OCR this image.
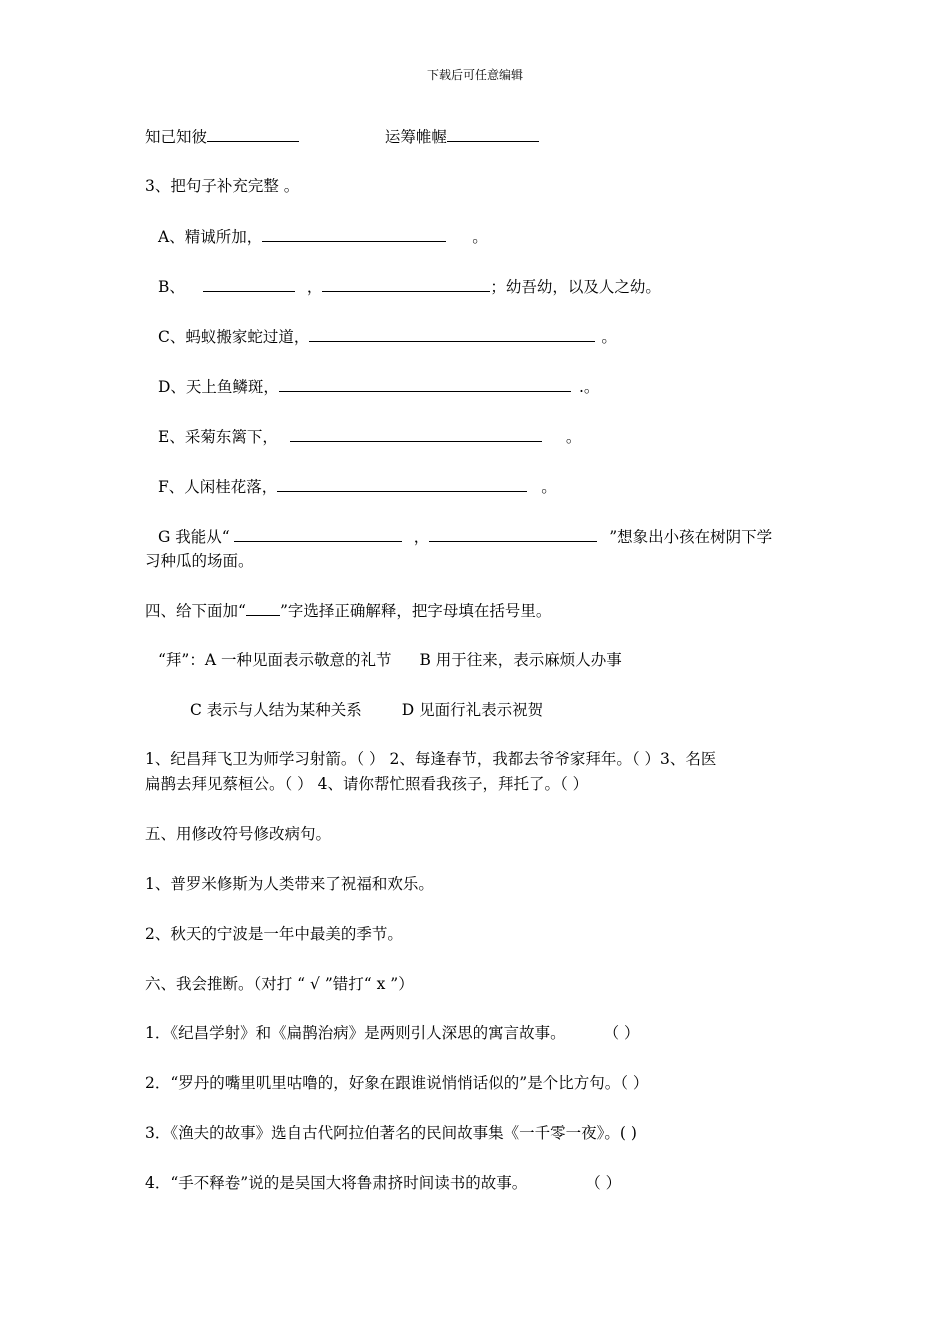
下载后可任意编辑
知己知彼	运筹帷幄
3、把句子补充完整 。
A、精诚所加，	。
B、	，	；幼吾幼，以及人之幼。
C、蚂蚁搬家蛇过道，	。
D、天上鱼鳞斑，	.。
E、采菊东篱下，	。
F、人闲桂花落，	。
G 我能从“	，	”想象出小孩在树阴下学
习种瓜的场面。
四、给下面加“ ”字选择正确解释，把字母填在括号里。
“拜”：A 一种见面表示敬意的礼节 B 用于往来，表示麻烦人办事
C 表示与人结为某种关系	D 见面行礼表示祝贺
1、纪昌拜飞卫为师学习射箭。（ ） 2、每逢春节，我都去爷爷家拜年。（ ）3、名医
扁鹊去拜见蔡桓公。（ ） 4、请你帮忙照看我孩子，拜托了。（ ）
五、用修改符号修改病句。
1、普罗米修斯为人类带来了祝福和欢乐。
2、秋天的宁波是一年中最美的季节。
六、我会推断。（对打 “ √ ”错打“ x ”）
1．《纪昌学射》和《扁鹊治病》是两则引人深思的寓言故事。 （ ）
2．“罗丹的嘴里叽里咕噜的，好象在跟谁说悄悄话似的”是个比方句。（ ）
3．《渔夫的故事》选自古代阿拉伯著名的民间故事集《一千零一夜》。( )
4．“手不释卷”说的是吴国大将鲁肃挤时间读书的故事。	（ ）
